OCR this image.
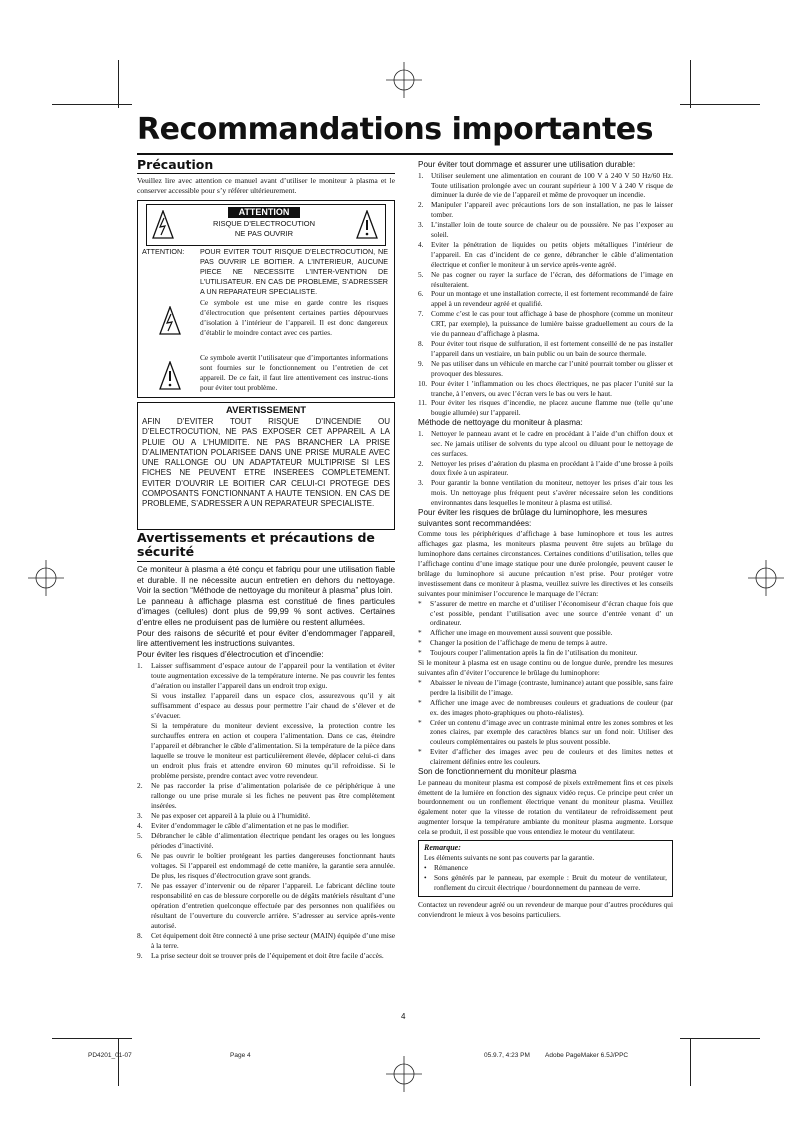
Recommandations importantes
Précaution

Veuillez lire avec attention ce manuel avant d’utiliser le moniteur à plasma et le conserver accessible pour s’y référer ultérieurement.

ATTENTION
RISQUE D’ELECTROCUTION
NE PAS OUVRIR
ATTENTION: POUR EVITER TOUT RISQUE D’ELECTROCUTION, NE PAS OUVRIR LE BOITIER. A L’INTERIEUR, AUCUNE PIECE NE NECESSITE L’INTER-VENTION DE L’UTILISATEUR. EN CAS DE PROBLEME, S’ADRESSER A UN REPARATEUR SPECIALISTE.
Ce symbole est une mise en garde contre les risques d’électrocution que présentent certaines parties dépourvues d’isolation à l’intérieur de l’appareil. Il est donc dangereux d’établir le moindre contact avec ces parties.
Ce symbole avertit l’utilisateur que d’importantes informations sont fournies sur le fonctionnement ou l’entretien de cet appareil. De ce fait, il faut lire attentivement ces instruc-tions pour éviter tout problème.
AVERTISSEMENT
AFIN D’EVITER TOUT RISQUE D’INCENDIE OU D’ELECTROCUTION, NE PAS EXPOSER CET APPAREIL A LA PLUIE OU A L’HUMIDITE. NE PAS BRANCHER LA PRISE D’ALIMENTATION POLARISEE DANS UNE PRISE MURALE AVEC UNE RALLONGE OU UN ADAPTATEUR MULTIPRISE SI LES FICHES NE PEUVENT ETRE INSEREES COMPLETEMENT. EVITER D’OUVRIR LE BOITIER CAR CELUI-CI PROTEGE DES COMPOSANTS FONCTIONNANT A HAUTE TENSION. EN CAS DE PROBLEME, S’ADRESSER A UN REPARATEUR SPECIALISTE.
Avertissements et précautions de sécurité

Ce moniteur à plasma a été conçu et fabriqu pour une utilisation fiable et durable. Il ne nécessite aucun entretien en dehors du nettoyage. Voir la section “Méthode de nettoyage du moniteur à plasma” plus loin.

Le panneau à affichage plasma est constitué de fines particules d’images (cellules) dont plus de 99,99 % sont actives. Certaines d’entre elles ne produisent pas de lumière ou restent allumées.

Pour des raisons de sécurité et pour éviter d’endommager l’appareil, lire attentivement les instructions suivantes.

Pour éviter les risques d’électrocution et d’incendie:

1.	Laisser suffisamment d’espace autour de l’appareil pour la ventilation et éviter toute augmentation excessive de la température interne. Ne pas couvrir les fentes d’aération ou installer l’appareil dans un endroit trop exigu.
Si vous installez l’appareil dans un espace clos, assurezvous qu’il y ait suffisamment d’espace au dessus pour permettre l’air chaud de s’élever et de s’évacuer.
Si la température du moniteur devient excessive, la protection contre les surchauffes entrera en action et coupera l’alimentation. Dans ce cas, éteindre l’appareil et débrancher le câble d’alimentation. Si la température de la pièce dans laquelle se trouve le moniteur est particulièrement élevée, déplacer celui-ci dans un endroit plus frais et attendre environ 60 minutes qu’il refroidisse. Si le problème persiste, prendre contact avec votre revendeur.
2.	Ne pas raccorder la prise d’alimentation polarisée de ce périphérique à une rallonge ou une prise murale si les fiches ne peuvent pas être complètement insérées.
3.	Ne pas exposer cet appareil à la pluie ou à l’humidité.
4.	Eviter d’endommager le câble d’alimentation et ne pas le modifier.
5.	Débrancher le câble d’alimentation électrique pendant les orages ou les longues périodes d’inactivité.
6.	Ne pas ouvrir le boîtier protégeant les parties dangereuses fonctionnant hauts voltages. Si l’appareil est endommagé de cette manière, la garantie sera annulée. De plus, les risques d’électrocution grave sont grands.
7.	Ne pas essayer d’intervenir ou de réparer l’appareil. Le fabricant décline toute responsabilité en cas de blessure corporelle ou de dégâts matériels résultant d’une opération d’entretien quelconque effectuée par des personnes non qualifiées ou résultant de l’ouverture du couvercle arrière. S’adresser au service après-vente autorisé.
8.	Cet équipement doit être connecté à une prise secteur (MAIN) équipée d’une mise à la terre.
9.	La prise secteur doit se trouver près de l’équipement et doit être facile d’accès.
4

Pour éviter tout dommage et assurer une utilisation durable:

1.	Utiliser seulement une alimentation en courant de 100 V à 240 V 50 Hz/60 Hz. Toute utilisation prolongée avec un courant supérieur à 100 V à 240 V risque de diminuer la durée de vie de l’appareil et même de provoquer un incendie.
2.	Manipuler l’appareil avec précautions lors de son installation, ne pas le laisser tomber.
3.	L’installer loin de toute source de chaleur ou de poussière. Ne pas l’exposer au soleil.
4.	Eviter la pénétration de liquides ou petits objets métalliques l’intérieur de l’appareil. En cas d’incident de ce genre, débrancher le câble d’alimentation électrique et confier le moniteur à un service après-vente agréé.
5.	Ne pas cogner ou rayer la surface de l’écran, des déformations de l’image en résulteraient.
6.	Pour un montage et une installation correcte, il est fortement recommandé de faire appel à un revendeur agréé et qualifié.
7.	Comme c’est le cas pour tout affichage à base de phosphore (comme un moniteur CRT, par exemple), la puissance de lumière baisse graduellement au cours de la vie du panneau d’affichage à plasma.
8.	Pour éviter tout risque de sulfuration, il est fortement conseillé de ne pas installer l’appareil dans un vestiaire, un bain public ou un bain de source thermale.
9.	Ne pas utiliser dans un véhicule en marche car l’unité pourrait tomber ou glisser et provoquer des blessures.
10. Pour éviter l ’inflammation ou les chocs électriques, ne pas placer l’unité sur la tranche, à l’envers, ou avec l’écran vers le bas ou vers le haut.
11. Pour éviter les risques d’incendie, ne placez aucune flamme nue (telle qu’une bougie allumée) sur l’appareil.

Méthode de nettoyage du moniteur à plasma:

1.	Nettoyer le panneau avant et le cadre en procédant à l’aide d’un chiffon doux et sec. Ne jamais utiliser de solvents du type alcool ou diluant pour le nettoyage de ces surfaces.
2.	Nettoyer les prises d’aération du plasma en procédant à l’aide d’une brosse à poils doux fixée à un aspirateur.
3.	Pour garantir la bonne ventilation du moniteur, nettoyer les prises d’air tous les mois. Un nettoyage plus fréquent peut s’avérer nécessaire selon les conditions environnantes dans lesquelles le moniteur à plasma est utilisé.

Pour éviter les risques de brûlage du luminophore, les mesures suivantes sont recommandées:

Comme tous les périphériques d’affichage à base luminophore et tous les autres affichages gaz plasma, les moniteurs plasma peuvent être sujets au brûlage du luminophore dans certaines circonstances. Certaines conditions d’utilisation, telles que l’affichage continu d’une image statique pour une durée prolongée, peuvent causer le brûlage du luminophore si aucune précaution n’est prise. Pour protéger votre investissement dans ce moniteur à plasma, veuillez suivre les directives et les conseils suivantes pour minimiser l’occurence le marquage de l’écran:

* S’assurer de mettre en marche et d’utiliser l’économiseur d’écran chaque fois que c’est possible, pendant l’utilisation avec une source d’entrée venant d’ un ordinateur.
* Afficher une image en mouvement aussi souvent que possible.
* Changer la position de l’affichage de menu de temps à autre.
* Toujours couper l’alimentation après la fin de l’utilisation du moniteur.

Si le moniteur à plasma est en usage continu ou de longue durée, prendre les mesures suivantes afin d’éviter l’occurence le brûlage du luminophore:

* Abaisser le niveau de l’image (contraste, luminance) autant que possible, sans faire perdre la lisibilit de l’image.
* Afficher une image avec de nombreuses couleurs et graduations de couleur (par ex. des images photo-graphiques ou photo-réalistes).
* Créer un contenu d’image avec un contraste minimal entre les zones sombres et les zones claires, par exemple des caractères blancs sur un fond noir. Utiliser des couleurs complémentaires ou pastels le plus souvent possible.
* Eviter d’afficher des images avec peu de couleurs et des limites nettes et clairement définies entre les couleurs.

Son de fonctionnement du moniteur plasma

Le panneau du moniteur plasma est composé de pixels extrêmement fins et ces pixels émettent de la lumière en fonction des signaux vidéo reçus. Ce principe peut créer un bourdonnement ou un ronflement électrique venant du moniteur plasma. Veuillez également noter que la vitesse de rotation du ventilateur de refroidissement peut augmenter lorsque la température ambiante du moniteur plasma augmente. Lorsque cela se produit, il est possible que vous entendiez le moteur du ventilateur.

Remarque:
Les éléments suivants ne sont pas couverts par la garantie.
•	Rémanence
•	Sons générés par le panneau, par exemple : Bruit du moteur de ventilateur, ronflement du circuit électrique / bourdonnement du panneau de verre.

Contactez un revendeur agréé ou un revendeur de marque pour d’autres procédures qui conviendront le mieux à vos besoins particuliers.

PD4201_01-07	Page 4	05.9.7, 4:23 PM Adobe PageMaker 6.5J/PPC
